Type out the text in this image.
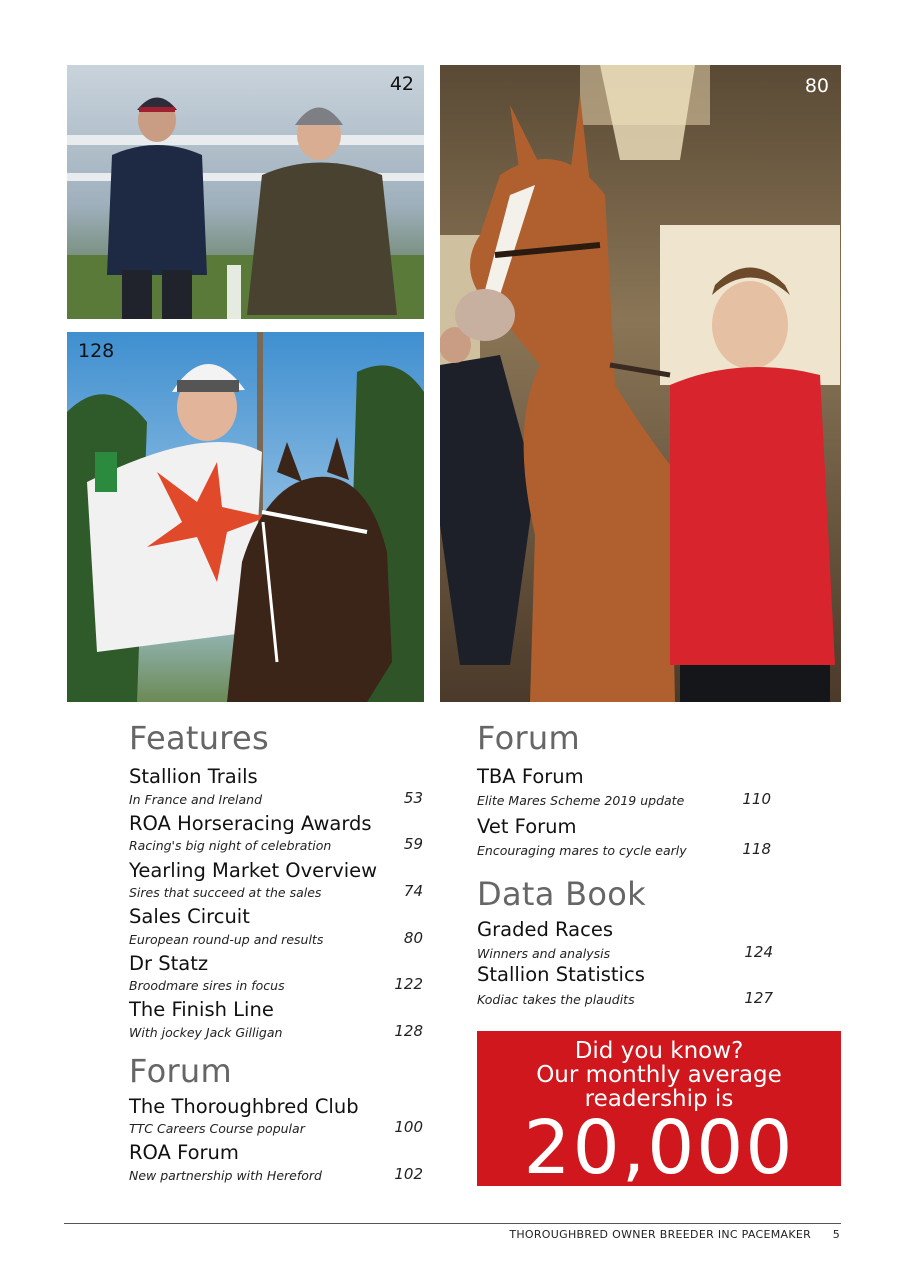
42
128
80
Features
Stallion Trails
In France and Ireland	53
ROA Horseracing Awards
Racing's big night of celebration	59
Yearling Market Overview
Sires that succeed at the sales	74
Sales Circuit
European round-up and results	80
Dr Statz
Broodmare sires in focus	122
The Finish Line
With jockey Jack Gilligan	128
Forum
The Thoroughbred Club
TTC Careers Course popular	100
ROA Forum
New partnership with Hereford	102
Forum
TBA Forum
Elite Mares Scheme 2019 update	110
Vet Forum
Encouraging mares to cycle early	118
Data Book
Graded Races
Winners and analysis	124
Stallion Statistics
Kodiac takes the plaudits	127
Did you know?
Our monthly average
readership is
20,000
THOROUGHBRED OWNER BREEDER INC PACEMAKER 5
